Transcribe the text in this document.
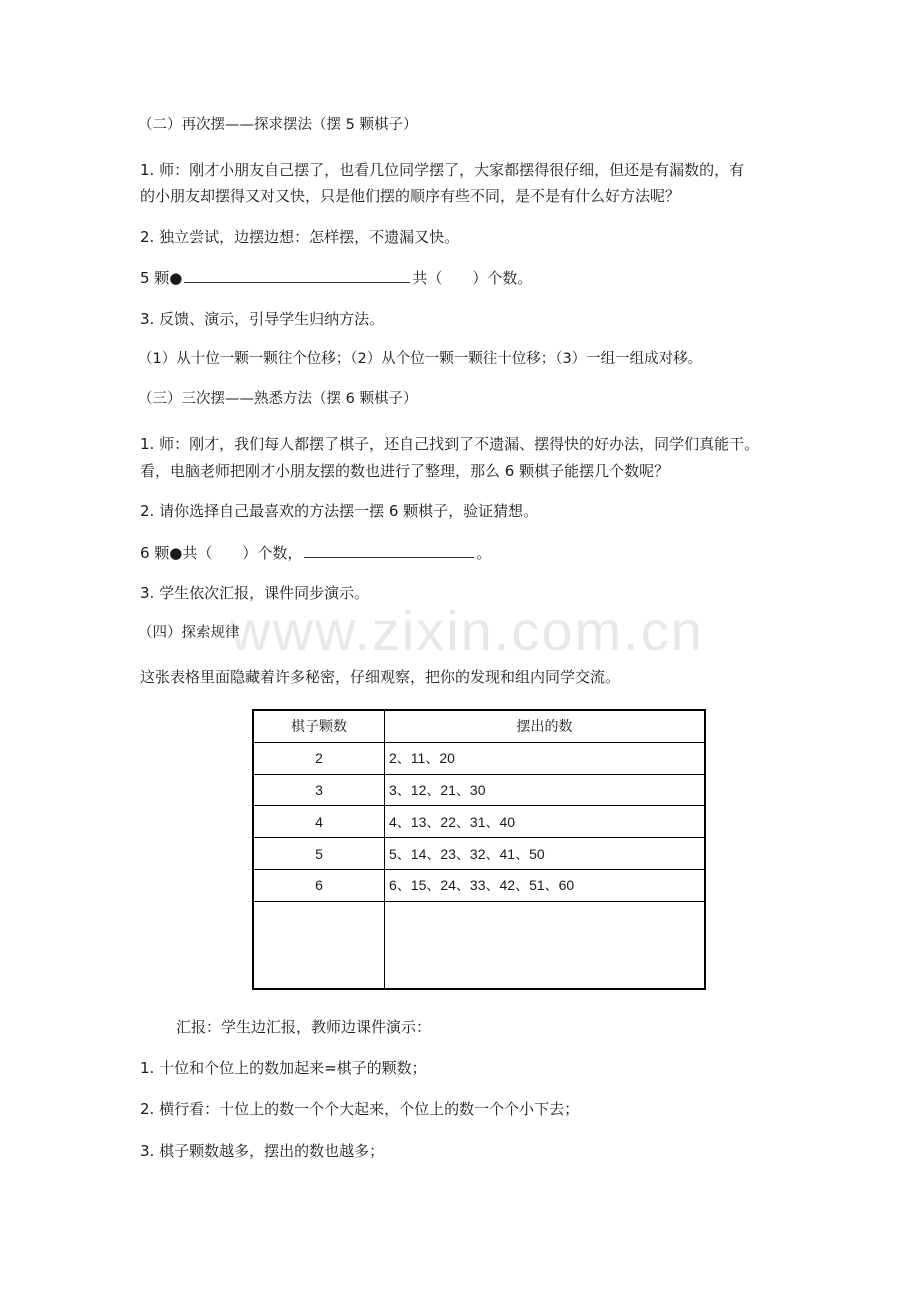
www.zixin.com.cn
（二）再次摆——探求摆法（摆 5 颗棋子）
1. 师：刚才小朋友自己摆了，也看几位同学摆了，大家都摆得很仔细，但还是有漏数的，有
的小朋友却摆得又对又快，只是他们摆的顺序有些不同，是不是有什么好方法呢？
2. 独立尝试，边摆边想：怎样摆，不遗漏又快。
5 颗●	共（　　）个数。
3. 反馈、演示，引导学生归纳方法。
（1）从十位一颗一颗往个位移；（2）从个位一颗一颗往十位移；（3）一组一组成对移。
（三）三次摆——熟悉方法（摆 6 颗棋子）
1. 师：刚才，我们每人都摆了棋子，还自己找到了不遗漏、摆得快的好办法，同学们真能干。
看，电脑老师把刚才小朋友摆的数也进行了整理，那么 6 颗棋子能摆几个数呢？
2. 请你选择自己最喜欢的方法摆一摆 6 颗棋子，验证猜想。
6 颗●共（　　）个数，	。
3. 学生依次汇报，课件同步演示。
（四）探索规律
这张表格里面隐藏着许多秘密，仔细观察，把你的发现和组内同学交流。
棋子颗数	摆出的数
2	2、11、20
3	3、12、21、30
4	4、13、22、31、40
5	5、14、23、32、41、50
6	6、15、24、33、42、51、60

汇报：学生边汇报，教师边课件演示：
1. 十位和个位上的数加起来=棋子的颗数；
2. 横行看：十位上的数一个个大起来，个位上的数一个个小下去；
3. 棋子颗数越多，摆出的数也越多；
